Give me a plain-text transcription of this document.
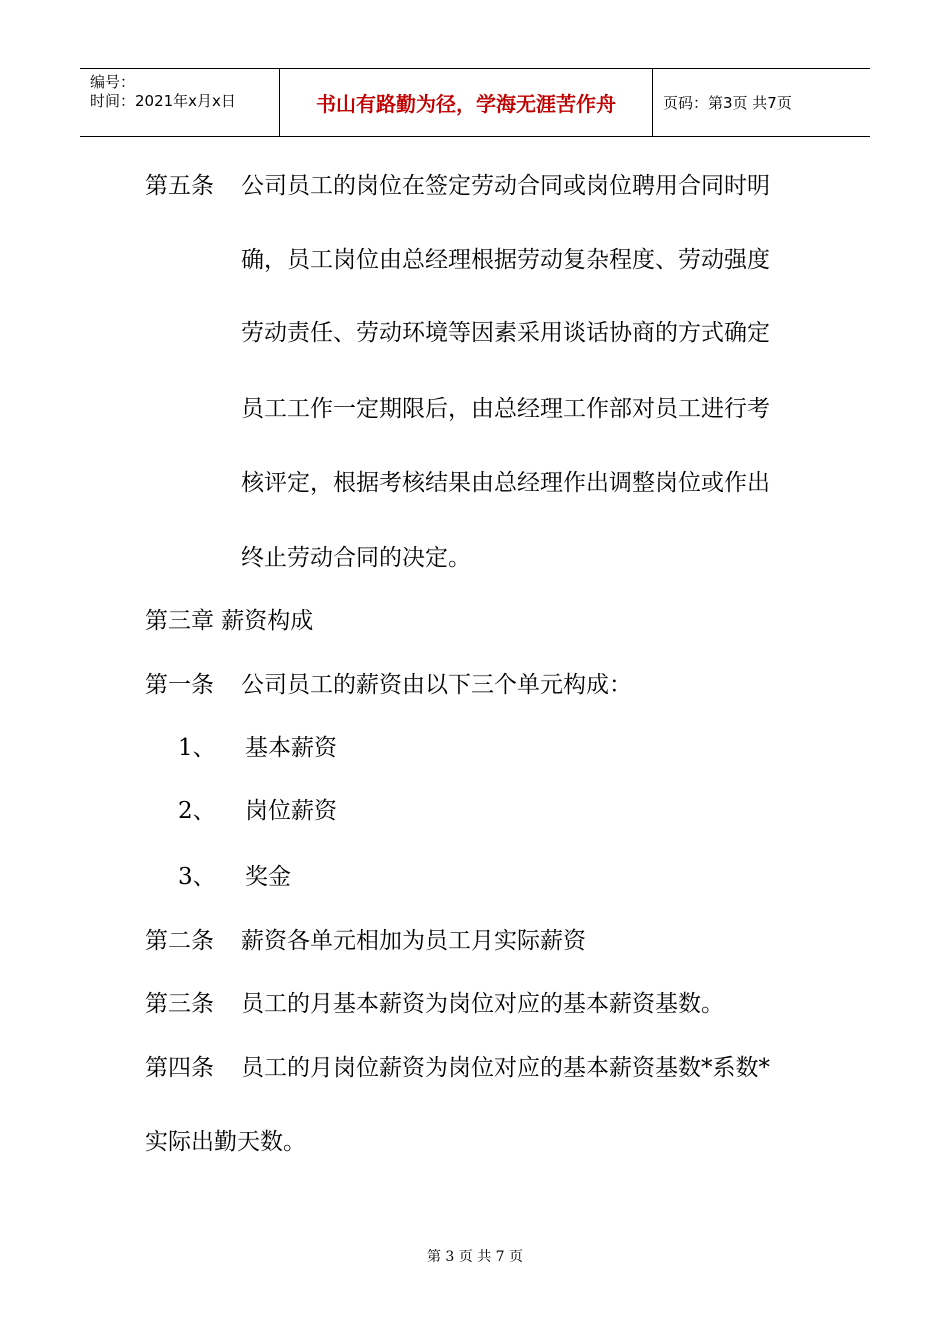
编号：
时间：2021年x月x日	书山有路勤为径，学海无涯苦作舟	页码：第3页 共7页
第五条 公司员工的岗位在签定劳动合同或岗位聘用合同时明
确，员工岗位由总经理根据劳动复杂程度、劳动强度
劳动责任、劳动环境等因素采用谈话协商的方式确定
员工工作一定期限后，由总经理工作部对员工进行考
核评定，根据考核结果由总经理作出调整岗位或作出
终止劳动合同的决定。
第三章 薪资构成
第一条 公司员工的薪资由以下三个单元构成：
1、 基本薪资
2、 岗位薪资
3、 奖金
第二条 薪资各单元相加为员工月实际薪资
第三条 员工的月基本薪资为岗位对应的基本薪资基数。
第四条 员工的月岗位薪资为岗位对应的基本薪资基数*系数*
实际出勤天数。
第 3 页 共 7 页
